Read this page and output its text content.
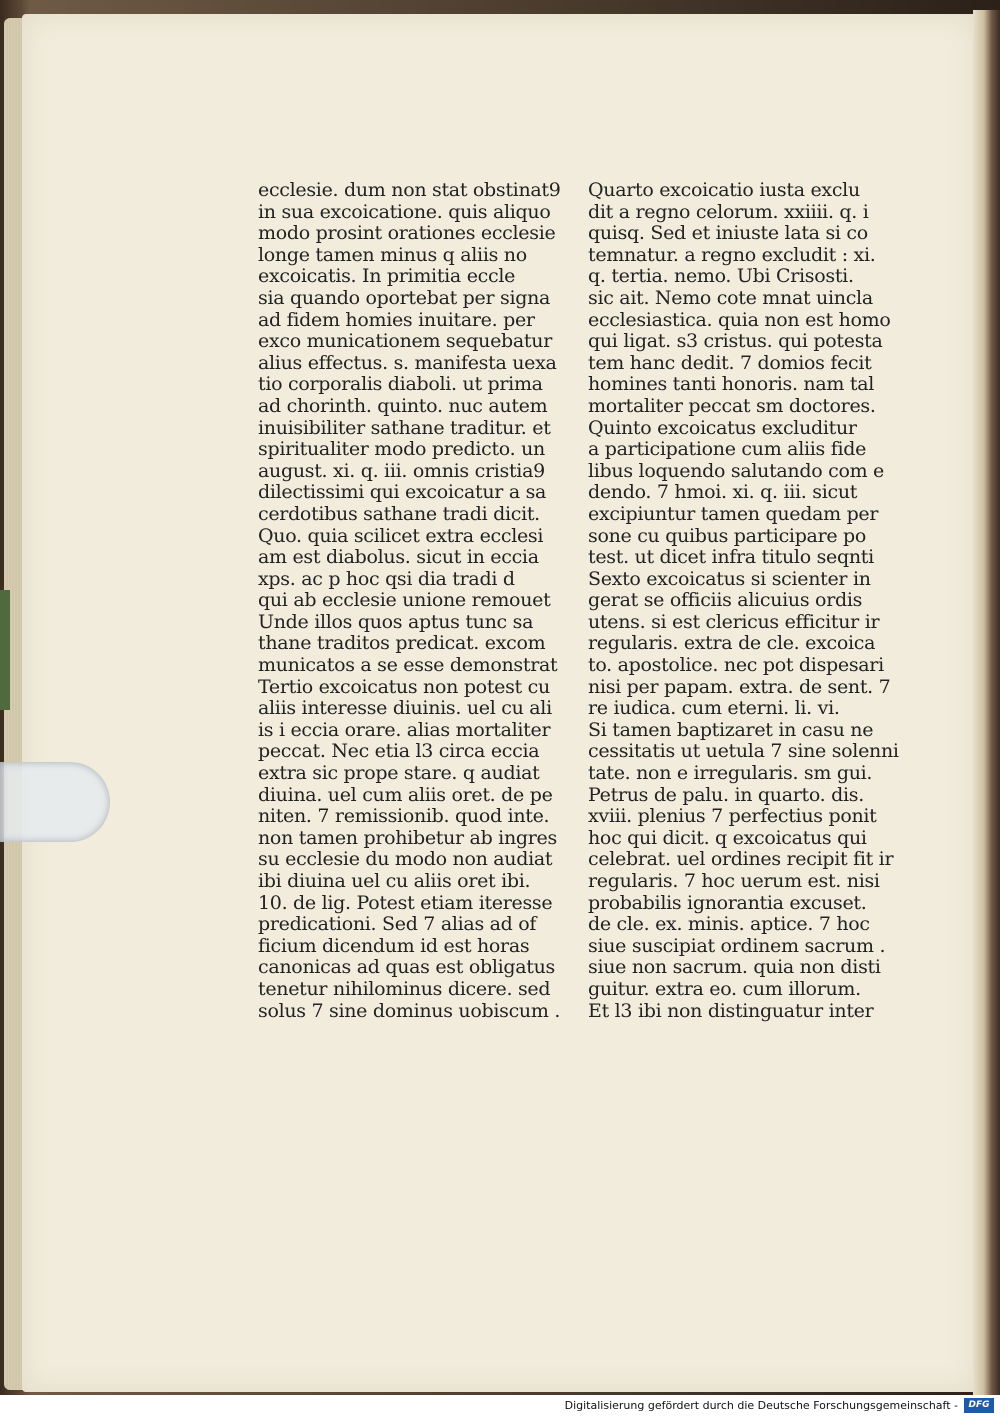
ecclesie. dum non stat obstinat9
in sua excoicatione. quis aliquo
modo prosint orationes ecclesie
longe tamen minus q aliis no
excoicatis. In primitia eccle
sia quando oportebat per signa
ad fidem homies inuitare. per
exco municationem sequebatur
alius effectus. s. manifesta uexa
tio corporalis diaboli. ut prima
ad chorinth. quinto. nuc autem
inuisibiliter sathane traditur. et
spiritualiter modo predicto. un
august. xi. q. iii. omnis cristia9
dilectissimi qui excoicatur a sa
cerdotibus sathane tradi dicit.
Quo. quia scilicet extra ecclesi
am est diabolus. sicut in eccia
xps. ac p hoc qsi dia tradi d
qui ab ecclesie unione remouet
Unde illos quos aptus tunc sa
thane traditos predicat. excom
municatos a se esse demonstrat
Tertio excoicatus non potest cu
aliis interesse diuinis. uel cu ali
is i eccia orare. alias mortaliter
peccat. Nec etia l3 circa eccia
extra sic prope stare. q audiat
diuina. uel cum aliis oret. de pe
niten. 7 remissionib. quod inte.
non tamen prohibetur ab ingres
su ecclesie du modo non audiat
ibi diuina uel cu aliis oret ibi.
10. de lig. Potest etiam iteresse
predicationi. Sed 7 alias ad of
ficium dicendum id est horas
canonicas ad quas est obligatus
tenetur nihilominus dicere. sed
solus 7 sine dominus uobiscum .
Quarto excoicatio iusta exclu
dit a regno celorum. xxiiii. q. i
quisq. Sed et iniuste lata si co
temnatur. a regno excludit : xi.
q. tertia. nemo. Ubi Crisosti.
sic ait. Nemo cote mnat uincla
ecclesiastica. quia non est homo
qui ligat. s3 cristus. qui potesta
tem hanc dedit. 7 domios fecit
homines tanti honoris. nam tal
mortaliter peccat sm doctores.
Quinto excoicatus excluditur
a participatione cum aliis fide
libus loquendo salutando com e
dendo. 7 hmoi. xi. q. iii. sicut
excipiuntur tamen quedam per
sone cu quibus participare po
test. ut dicet infra titulo seqnti
Sexto excoicatus si scienter in
gerat se officiis alicuius ordis
utens. si est clericus efficitur ir
regularis. extra de cle. excoica
to. apostolice. nec pot dispesari
nisi per papam. extra. de sent. 7
re iudica. cum eterni. li. vi.
Si tamen baptizaret in casu ne
cessitatis ut uetula 7 sine solenni
tate. non e irregularis. sm gui.
Petrus de palu. in quarto. dis.
xviii. plenius 7 perfectius ponit
hoc qui dicit. q excoicatus qui
celebrat. uel ordines recipit fit ir
regularis. 7 hoc uerum est. nisi
probabilis ignorantia excuset.
de cle. ex. minis. aptice. 7 hoc
siue suscipiat ordinem sacrum .
siue non sacrum. quia non disti
guitur. extra eo. cum illorum.
Et l3 ibi non distinguatur inter
Digitalisierung gefördert durch die Deutsche Forschungsgemeinschaft -	DFG
